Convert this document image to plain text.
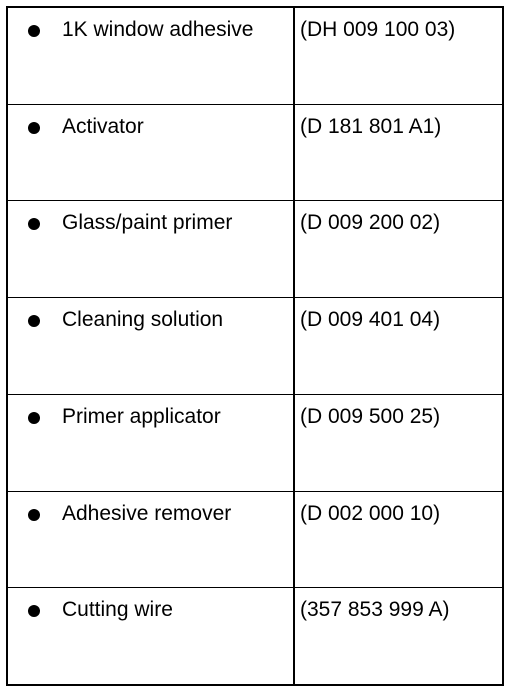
1K window adhesive (DH 009 100 03)
Activator	(D 181 801 A1)
Glass/paint primer	(D 009 200 02)
Cleaning solution	(D 009 401 04)
Primer applicator	(D 009 500 25)
Adhesive remover	(D 002 000 10)
Cutting wire	(357 853 999 A)
